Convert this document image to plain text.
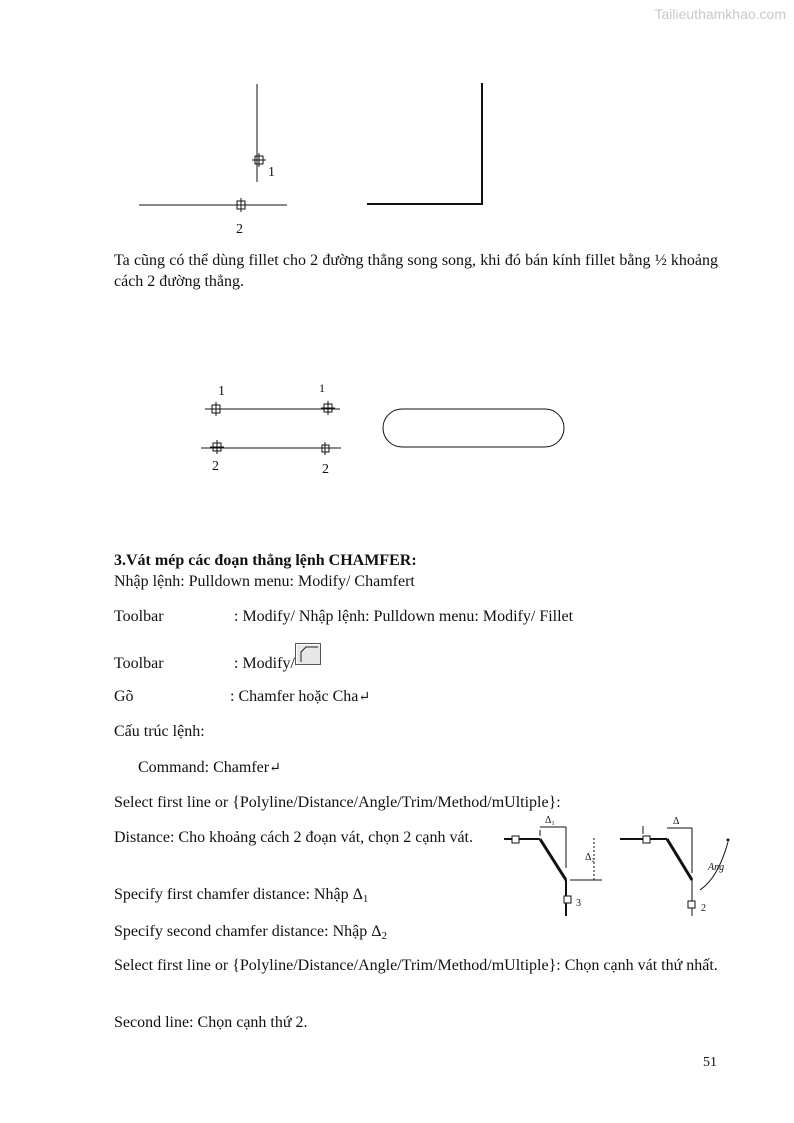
Tailieuthamkhao.com
1
2
Ta cũng có thể dùng fillet cho 2 đường thẳng song song, khi đó bán kính fillet bằng ½ khoảng cách 2 đường thẳng.
1	1
2	2
3.Vát mép các đoạn thẳng lệnh CHAMFER:
Nhập lệnh: Pulldown menu: Modify/ Chamfert
Toolbar	: Modify/ Nhập lệnh: Pulldown menu: Modify/ Fillet
Toolbar	: Modify/
Gõ	: Chamfer hoặc Cha↵
Cấu trúc lệnh:
Command: Chamfer↵
Select first line or {Polyline/Distance/Angle/Trim/Method/mUltiple}:
Distance: Cho khoảng cách 2 đoạn vát, chọn 2 cạnh vát.
Specify first chamfer distance: Nhập $\Delta_1$
Specify second chamfer distance: Nhập $\Delta_2$
Δ₁
Δ₂
3
Δ
Ang
2
Select first line or {Polyline/Distance/Angle/Trim/Method/mUltiple}: Chọn cạnh vát thứ nhất.
Second line: Chọn cạnh thứ 2.
51
